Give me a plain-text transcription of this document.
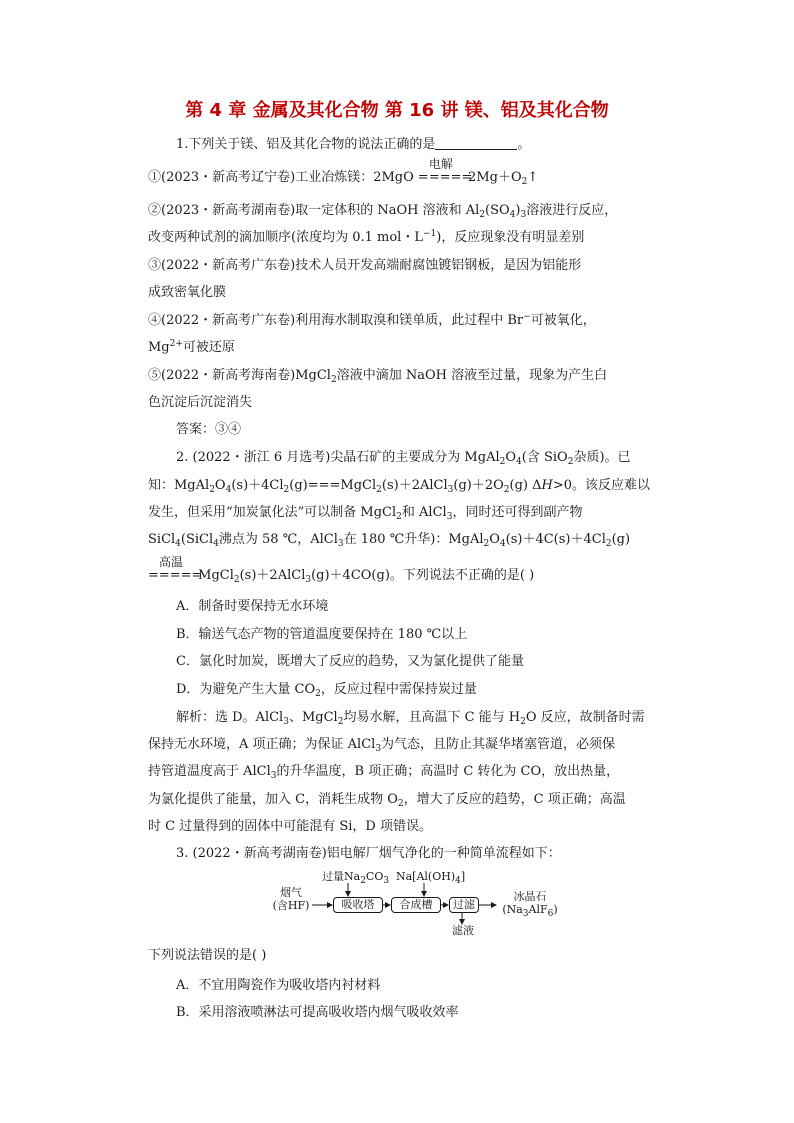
第 4 章 金属及其化合物 第 16 讲 镁、铝及其化合物
1.下列关于镁、铝及其化合物的说法正确的是	。
①(2023・新高考辽宁卷)工业冶炼镁：2MgO
电解
===== $2Mg+O_2↑$
②(2023・新高考湖南卷)取一定体积的 NaOH 溶液和 $Al_2(SO_4)_3$溶液进行反应，
改变两种试剂的滴加顺序(浓度均为 0.1 mol・$L^{-1}$)，反应现象没有明显差别
③(2022・新高考广东卷)技术人员开发高端耐腐蚀镀铝钢板，是因为铝能形
成致密氧化膜
④(2022・新高考广东卷)利用海水制取溴和镁单质，此过程中 Br−可被氧化，
$Mg^{2+}$可被还原
⑤(2022・新高考海南卷)MgCl$_2$溶液中滴加 NaOH 溶液至过量，现象为产生白
色沉淀后沉淀消失
答案：③④
2. (2022・浙江 6 月选考)尖晶石矿的主要成分为 $MgAl_2O_4$(含 SiO$_2$杂质)。已
知：$MgAl_2O_4(s)+4Cl_2(g)===MgCl_2(s)+2AlCl_3(g)+2O_2(g)$ ΔH>0。该反应难以
发生，但采用“加炭氯化法”可以制备 MgCl$_2$和 AlCl$_3$，同时还可得到副产物
SiCl$_4$(SiCl$_4$沸点为 58 ℃，AlCl$_3$在 180 ℃升华)：$MgAl_2O_4(s)+4C(s)+4Cl_2(g)$
高温
===== MgCl$_2$(s)＋2AlCl$_3$(g)＋4CO(g)。下列说法不正确的是( )
A．制备时要保持无水环境
B．输送气态产物的管道温度要保持在 180 ℃以上
C．氯化时加炭，既增大了反应的趋势，又为氯化提供了能量
D．为避免产生大量 $CO_2$，反应过程中需保持炭过量
解析：选 D。AlCl$_3$、MgCl$_2$均易水解，且高温下 C 能与 $H_2O$ 反应，故制备时需
保持无水环境，A 项正确；为保证 AlCl$_3$为气态，且防止其凝华堵塞管道，必须保
持管道温度高于 AlCl$_3$的升华温度，B 项正确；高温时 C 转化为 CO，放出热量，
为氯化提供了能量，加入 C，消耗生成物 $O_2$，增大了反应的趋势，C 项正确；高温
时 C 过量得到的固体中可能混有 Si，D 项错误。
3. (2022・新高考湖南卷)铝电解厂烟气净化的一种简单流程如下：
烟气
(含HF)
过量$Na_2CO_3$ $Na[Al(OH)_4]$
吸收塔	合成槽	过滤
滤液
冰晶石
$(Na_3AlF_6)$
下列说法错误的是( )
A．不宜用陶瓷作为吸收塔内衬材料
B．采用溶液喷淋法可提高吸收塔内烟气吸收效率
